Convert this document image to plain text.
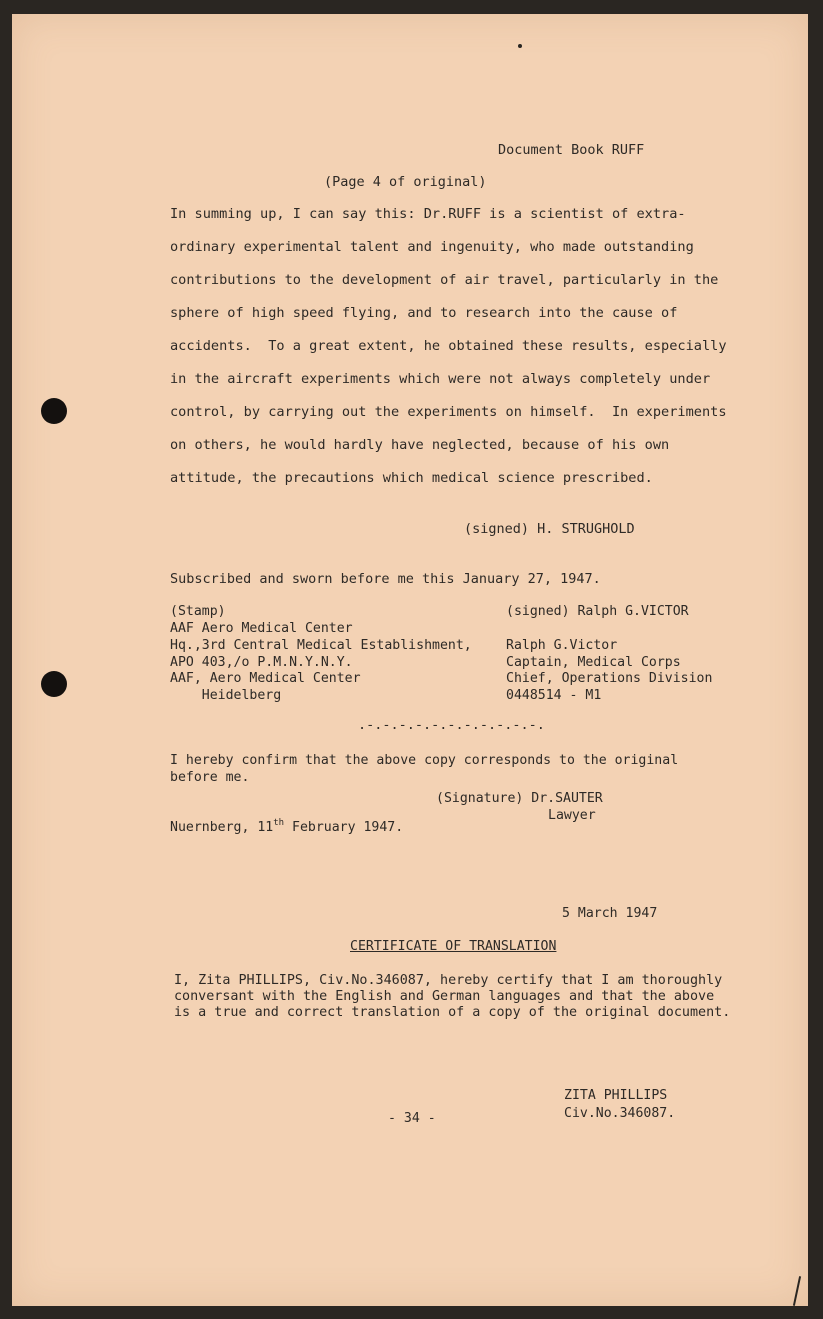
Document Book RUFF
(Page 4 of original)
In summing up, I can say this: Dr.RUFF is a scientist of extra-
ordinary experimental talent and ingenuity, who made outstanding
contributions to the development of air travel, particularly in the
sphere of high speed flying, and to research into the cause of
accidents.  To a great extent, he obtained these results, especially
in the aircraft experiments which were not always completely under
control, by carrying out the experiments on himself.  In experiments
on others, he would hardly have neglected, because of his own
attitude, the precautions which medical science prescribed.
(signed) H. STRUGHOLD
Subscribed and sworn before me this January 27, 1947.
(Stamp)
AAF Aero Medical Center
Hq.,3rd Central Medical Establishment,
APO 403,/o P.M.N.Y.N.Y.
AAF, Aero Medical Center
Heidelberg
(signed) Ralph G.VICTOR
Ralph G.Victor
Captain, Medical Corps
Chief, Operations Division
0448514 - M1
.-.-.-.-.-.-.-.-.-.-.-.
I hereby confirm that the above copy corresponds to the original
before me.
(Signature) Dr.SAUTER
Lawyer
Nuernberg, 11th February 1947.
5 March 1947
CERTIFICATE OF TRANSLATION
I, Zita PHILLIPS, Civ.No.346087, hereby certify that I am thoroughly
conversant with the English and German languages and that the above
is a true and correct translation of a copy of the original document.
ZITA PHILLIPS
Civ.No.346087.
- 34 -
